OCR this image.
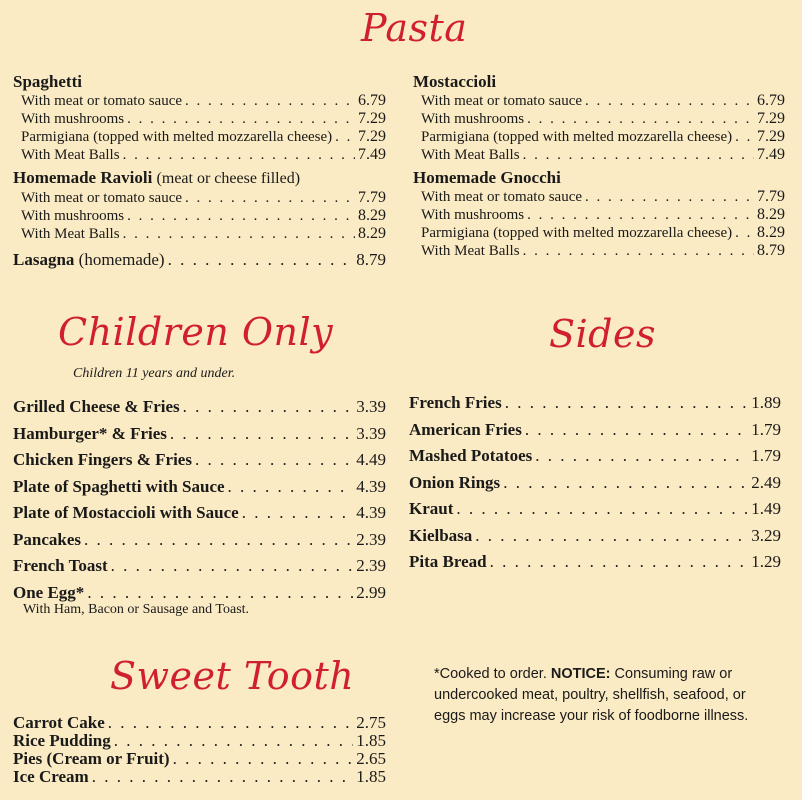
Pasta
Spaghetti
With meat or tomato sauce . . .	6.79
With mushrooms . . .	7.29
Parmigiana (topped with melted mozzarella cheese) . . . 7.29
With Meat Balls . . .	7.49
Homemade Ravioli (meat or cheese filled)
With meat or tomato sauce . . .	7.79
With mushrooms . . .	8.29
With Meat Balls . . .	8.29
Lasagna (homemade) . . .	8.79
Mostaccioli
With meat or tomato sauce . . .	6.79
With mushrooms . . .	7.29
Parmigiana (topped with melted mozzarella cheese) . . . 7.29
With Meat Balls . . .	7.49
Homemade Gnocchi
With meat or tomato sauce . . .	7.79
With mushrooms . . .	8.29
Parmigiana (topped with melted mozzarella cheese) . . . 8.29
With Meat Balls . . .	8.79
Children Only
Children 11 years and under.
Grilled Cheese & Fries . . .	3.39
Hamburger* & Fries . . .	3.39
Chicken Fingers & Fries . . .	4.49
Plate of Spaghetti with Sauce . . .	4.39
Plate of Mostaccioli with Sauce . . .	4.39
Pancakes . . .	2.39
French Toast . . .	2.39
One Egg* . . .	2.99
With Ham, Bacon or Sausage and Toast.
Sides
French Fries . . .	1.89
American Fries . . .	1.79
Mashed Potatoes . . .	1.79
Onion Rings . . .	2.49
Kraut . . .	1.49
Kielbasa . . .	3.29
Pita Bread . . .	1.29
Sweet Tooth
Carrot Cake . . .	2.75
Rice Pudding . . .	1.85
Pies (Cream or Fruit) . . .	2.65
Ice Cream . . .	1.85
*Cooked to order. NOTICE: Consuming raw or undercooked meat, poultry, shellfish, seafood, or eggs may increase your risk of foodborne illness.
